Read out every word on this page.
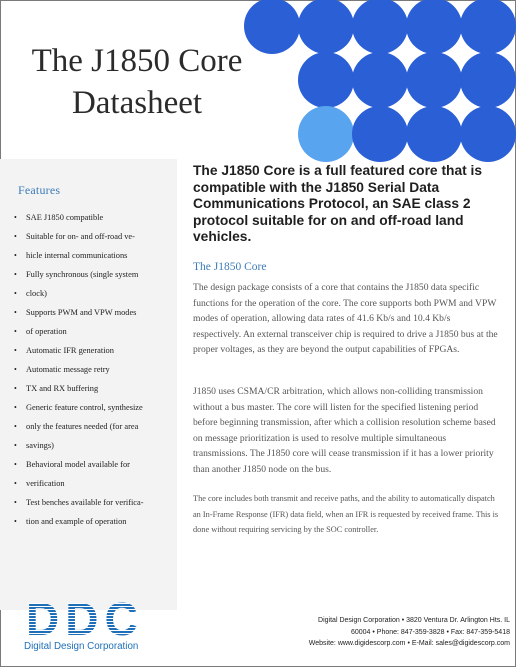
The J1850 Core
Datasheet
Features
• SAE J1850 compatible
• Suitable for on- and off-road ve-
• hicle internal communications
• Fully synchronous (single system
• clock)
• Supports PWM and VPW modes
• of operation
• Automatic IFR generation
• Automatic message retry
• TX and RX buffering
• Generic feature control, synthesize
• only the features needed (for area
• savings)
• Behavioral model available for
• verification
• Test benches available for verifica-
• tion and example of operation
The J1850 Core is a full featured core that is compatible with the J1850 Serial Data Communications Protocol, an SAE class 2 protocol suitable for on and off-road land vehicles.
The J1850 Core

The design package consists of a core that contains the J1850 data specific functions for the operation of the core. The core supports both PWM and VPW modes of operation, allowing data rates of 41.6 Kb/s and 10.4 Kb/s respectively. An external transceiver chip is required to drive a J1850 bus at the proper voltages, as they are beyond the output capabilities of FPGAs.

J1850 uses CSMA/CR arbitration, which allows non-colliding transmission without a bus master. The core will listen for the specified listening period before beginning transmission, after which a collision resolution scheme based on message prioritization is used to resolve multiple simultaneous transmissions. The J1850 core will cease transmission if it has a lower priority than another J1850 node on the bus.

The core includes both transmit and receive paths, and the ability to automatically dispatch an In-Frame Response (IFR) data field, when an IFR is requested by received frame. This is done without requiring servicing by the SOC controller.

D D C
Digital Design Corporation
Digital Design Corporation • 3820 Ventura Dr. Arlington Hts. IL
60004 • Phone: 847-359-3828 • Fax: 847-359-5418
Website: www.digidescorp.com • E-Mail: sales@digidescorp.com
